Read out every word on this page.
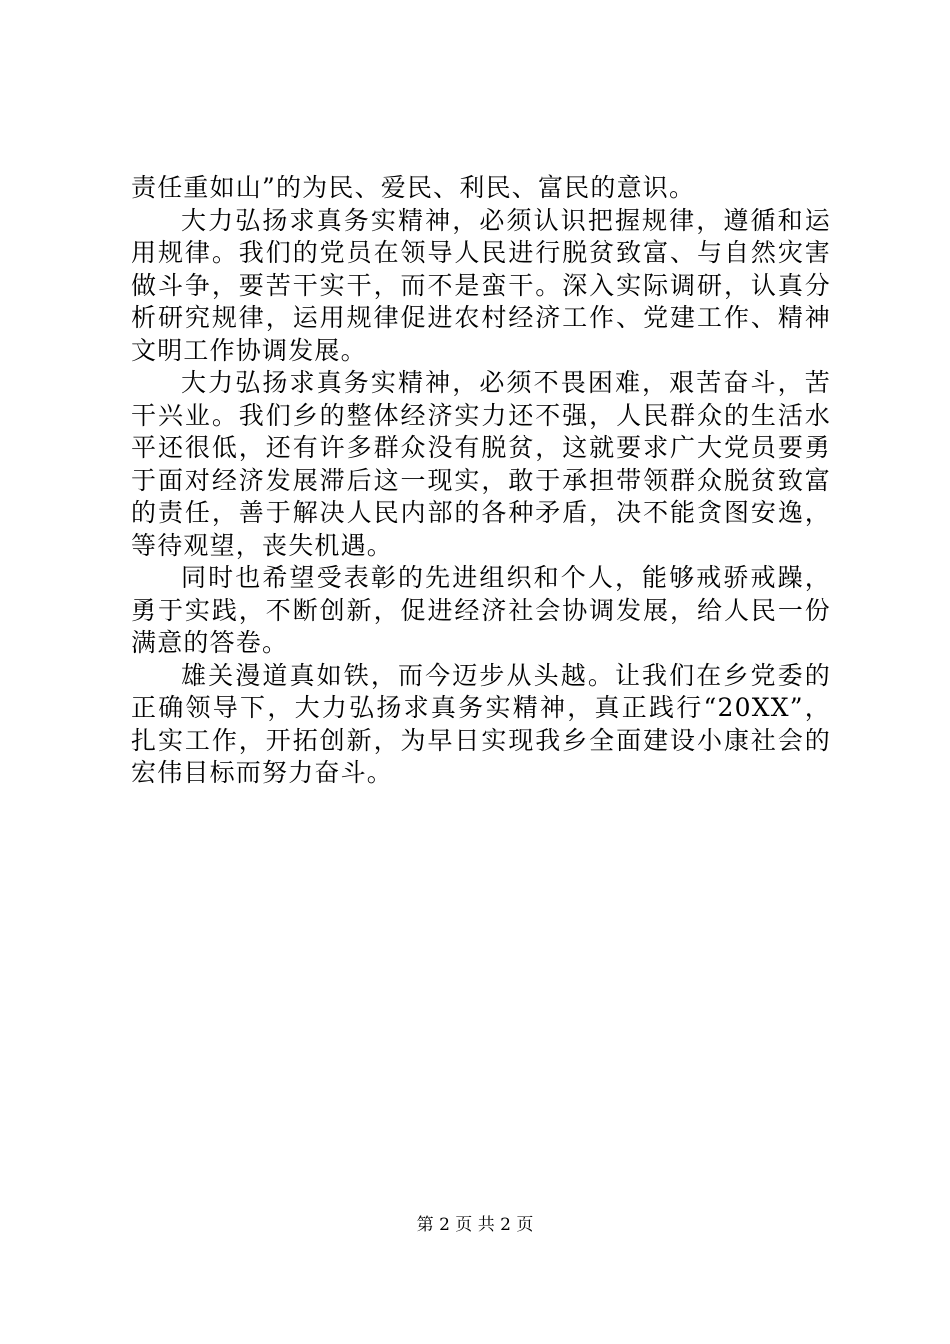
责任重如山”的为民、爱民、利民、富民的意识。

大力弘扬求真务实精神，必须认识把握规律，遵循和运用规律。我们的党员在领导人民进行脱贫致富、与自然灾害做斗争，要苦干实干，而不是蛮干。深入实际调研，认真分析研究规律，运用规律促进农村经济工作、党建工作、精神文明工作协调发展。

大力弘扬求真务实精神，必须不畏困难，艰苦奋斗，苦干兴业。我们乡的整体经济实力还不强，人民群众的生活水平还很低，还有许多群众没有脱贫，这就要求广大党员要勇于面对经济发展滞后这一现实，敢于承担带领群众脱贫致富的责任，善于解决人民内部的各种矛盾，决不能贪图安逸，等待观望，丧失机遇。

同时也希望受表彰的先进组织和个人，能够戒骄戒躁，勇于实践，不断创新，促进经济社会协调发展，给人民一份满意的答卷。

雄关漫道真如铁，而今迈步从头越。让我们在乡党委的正确领导下，大力弘扬求真务实精神，真正践行“20XX”，扎实工作，开拓创新，为早日实现我乡全面建设小康社会的宏伟目标而努力奋斗。

第 2 页 共 2 页
